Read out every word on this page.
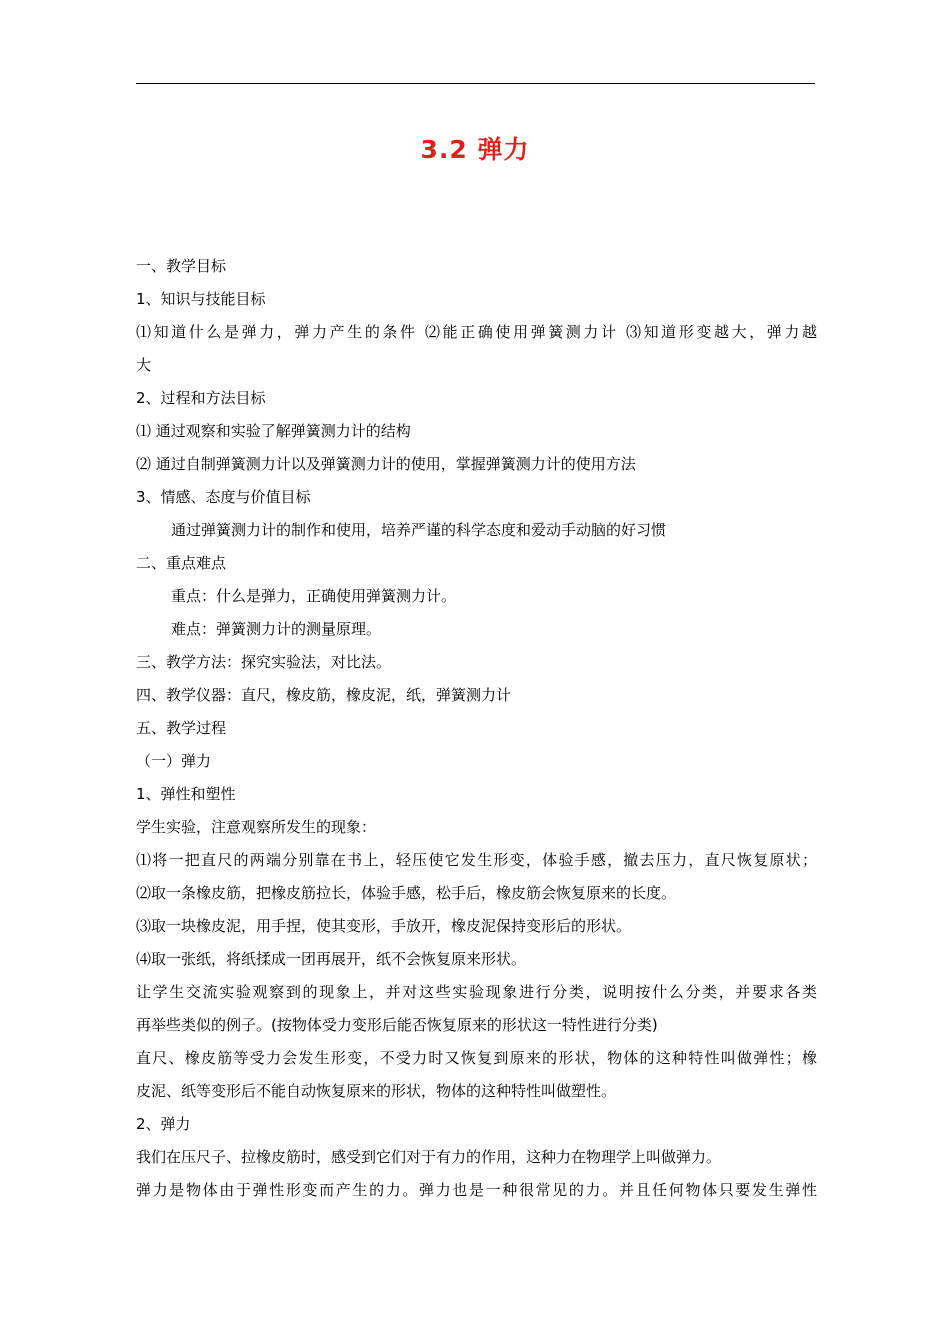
3.2 弹力
一、教学目标
1、知识与技能目标
⑴知道什么是弹力，弹力产生的条件 ⑵能正确使用弹簧测力计 ⑶知道形变越大，弹力越
大
2、过程和方法目标
⑴ 通过观察和实验了解弹簧测力计的结构
⑵ 通过自制弹簧测力计以及弹簧测力计的使用，掌握弹簧测力计的使用方法
3、情感、态度与价值目标
通过弹簧测力计的制作和使用，培养严谨的科学态度和爱动手动脑的好习惯
二、重点难点
重点：什么是弹力，正确使用弹簧测力计。
难点：弹簧测力计的测量原理。
三、教学方法：探究实验法，对比法。
四、教学仪器：直尺，橡皮筋，橡皮泥，纸，弹簧测力计
五、教学过程
（一）弹力
1、弹性和塑性
学生实验，注意观察所发生的现象：
⑴将一把直尺的两端分别靠在书上，轻压使它发生形变，体验手感，撤去压力，直尺恢复原状；
⑵取一条橡皮筋，把橡皮筋拉长，体验手感，松手后，橡皮筋会恢复原来的长度。
⑶取一块橡皮泥，用手捏，使其变形，手放开，橡皮泥保持变形后的形状。
⑷取一张纸，将纸揉成一团再展开，纸不会恢复原来形状。
让学生交流实验观察到的现象上，并对这些实验现象进行分类，说明按什么分类，并要求各类
再举些类似的例子。(按物体受力变形后能否恢复原来的形状这一特性进行分类)
直尺、橡皮筋等受力会发生形变，不受力时又恢复到原来的形状，物体的这种特性叫做弹性；橡
皮泥、纸等变形后不能自动恢复原来的形状，物体的这种特性叫做塑性。
2、弹力
我们在压尺子、拉橡皮筋时，感受到它们对于有力的作用，这种力在物理学上叫做弹力。
弹力是物体由于弹性形变而产生的力。弹力也是一种很常见的力。并且任何物体只要发生弹性
